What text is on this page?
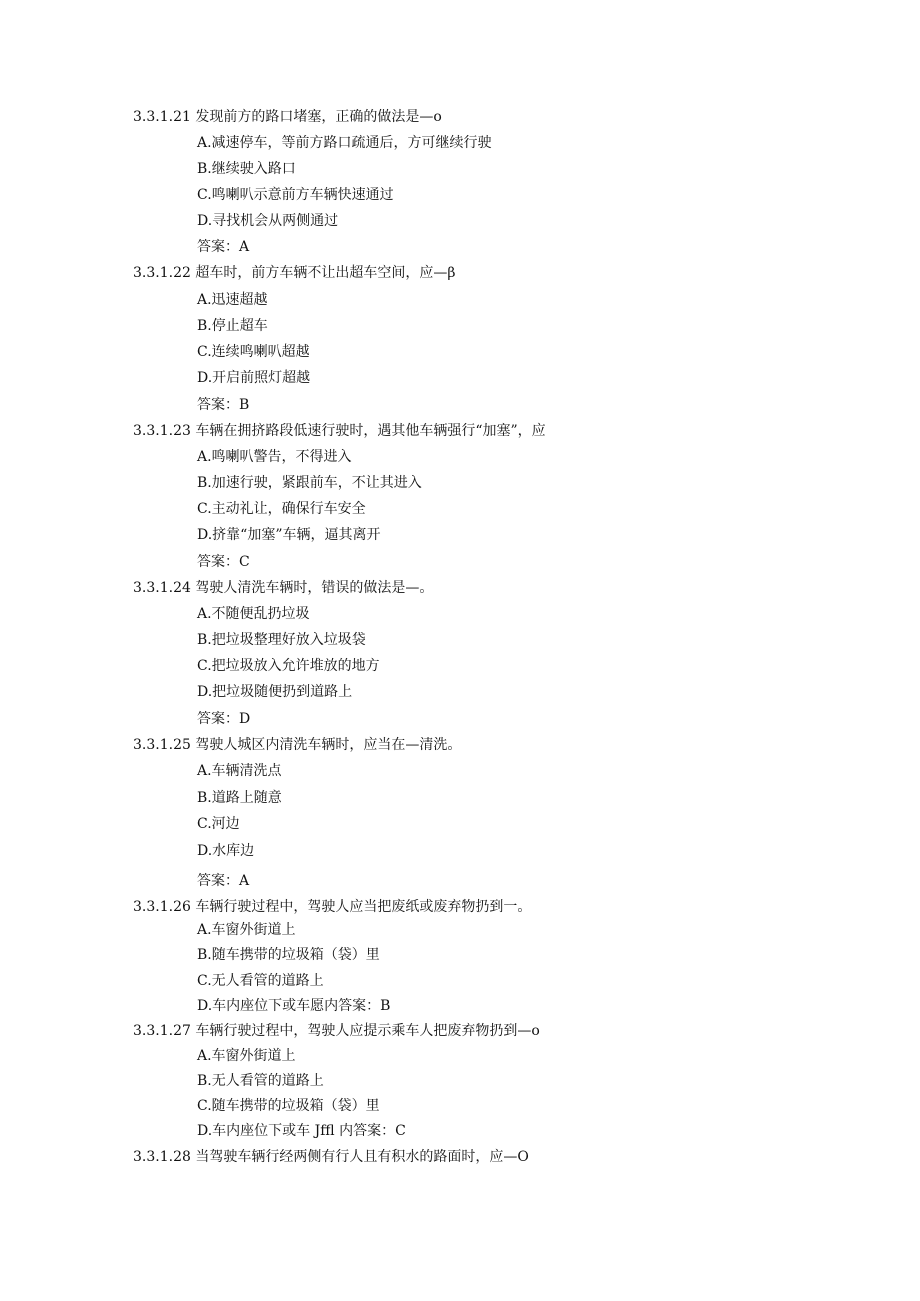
3.3.1.21 发现前方的路口堵塞，正确的做法是—o
A.减速停车，等前方路口疏通后，方可继续行驶
B.继续驶入路口
C.鸣喇叭示意前方车辆快速通过
D.寻找机会从两侧通过
答案：A
3.3.1.22 超车时，前方车辆不让出超车空间，应—β
A.迅速超越
B.停止超车
C.连续鸣喇叭超越
D.开启前照灯超越
答案：B
3.3.1.23 车辆在拥挤路段低速行驶时，遇其他车辆强行“加塞”，应
A.鸣喇叭警告，不得进入
B.加速行驶，紧跟前车，不让其进入
C.主动礼让，确保行车安全
D.挤靠“加塞”车辆，逼其离开
答案：C
3.3.1.24 驾驶人清洗车辆时，错误的做法是—。
A.不随便乱扔垃圾
B.把垃圾整理好放入垃圾袋
C.把垃圾放入允许堆放的地方
D.把垃圾随便扔到道路上
答案：D
3.3.1.25 驾驶人城区内清洗车辆时，应当在—清洗。
A.车辆清洗点
B.道路上随意
C.河边
D.水库边
答案：A
3.3.1.26 车辆行驶过程中，驾驶人应当把废纸或废弃物扔到一。
A.车窗外街道上
B.随车携带的垃圾箱（袋）里
C.无人看管的道路上
D.车内座位下或车愿内答案：B
3.3.1.27 车辆行驶过程中，驾驶人应提示乘车人把废弃物扔到—o
A.车窗外街道上
B.无人看管的道路上
C.随车携带的垃圾箱（袋）里
D.车内座位下或车 Jffl 内答案：C
3.3.1.28 当驾驶车辆行经两侧有行人且有积水的路面时，应—O
